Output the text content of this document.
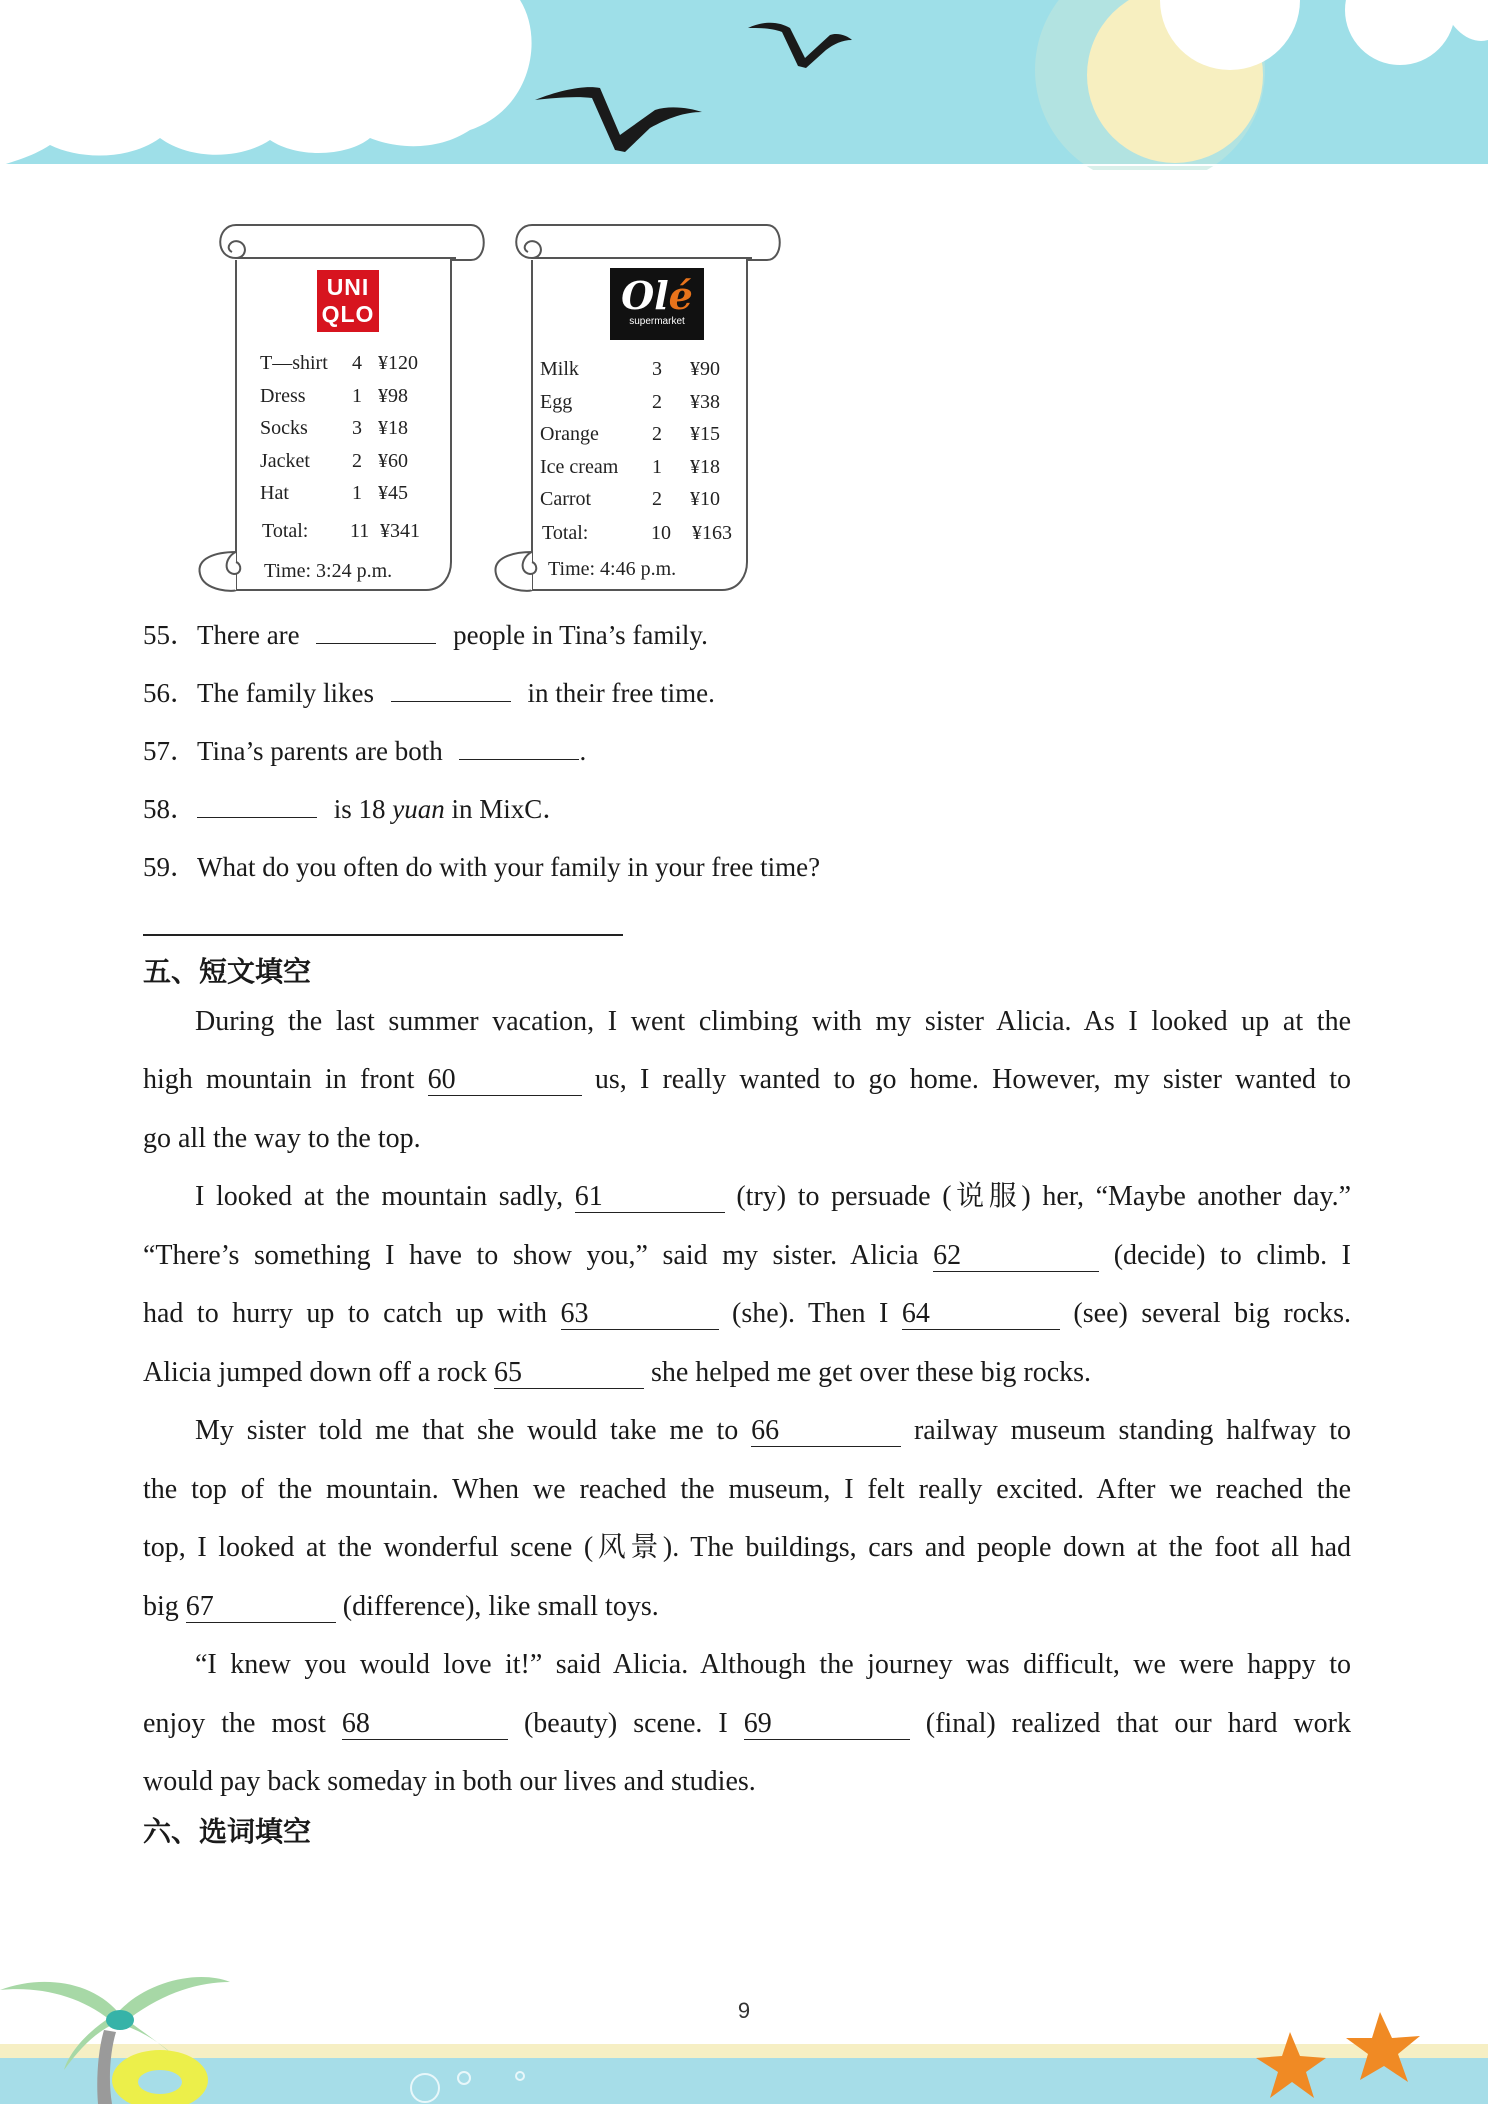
UNI QLO
T—shirt 4 ¥120
Dress 1 ¥98
Socks 3 ¥18
Jacket 2 ¥60
Hat	1 ¥45
Total: 11 ¥341
Time: 3:24 p.m.
Olé
supermarket
Milk	3 ¥90
Egg	2 ¥38
Orange	2 ¥15
Ice cream 1 ¥18
Carrot	2 ¥10
Total:	10 ¥163
Time: 4:46 p.m.
55．There are	people in Tina’s family.
56．The family likes	in their free time.
57．Tina’s parents are both	.
58．	is 18 yuan in MixC．
59．What do you often do with your family in your free time?
五、短文填空
During the last summer vacation, I went climbing with my sister Alicia. As I looked up at the
high mountain in front 60	us, I really wanted to go home. However, my sister wanted to
go all the way to the top.
I looked at the mountain sadly, 61	(try) to persuade (说服) her, “Maybe another day.”
“There’s something I have to show you,” said my sister. Alicia 62	(decide) to climb. I
had to hurry up to catch up with 63	(she). Then I 64	(see) several big rocks.
Alicia jumped down off a rock 65	she helped me get over these big rocks.
My sister told me that she would take me to 66	railway museum standing halfway to
the top of the mountain. When we reached the museum, I felt really excited. After we reached the
top, I looked at the wonderful scene (风景). The buildings, cars and people down at the foot all had
big 67	(difference), like small toys.
“I knew you would love it!” said Alicia. Although the journey was difficult, we were happy to
enjoy the most 68	(beauty) scene. I 69	(final) realized that our hard work
would pay back someday in both our lives and studies.
六、选词填空
9
